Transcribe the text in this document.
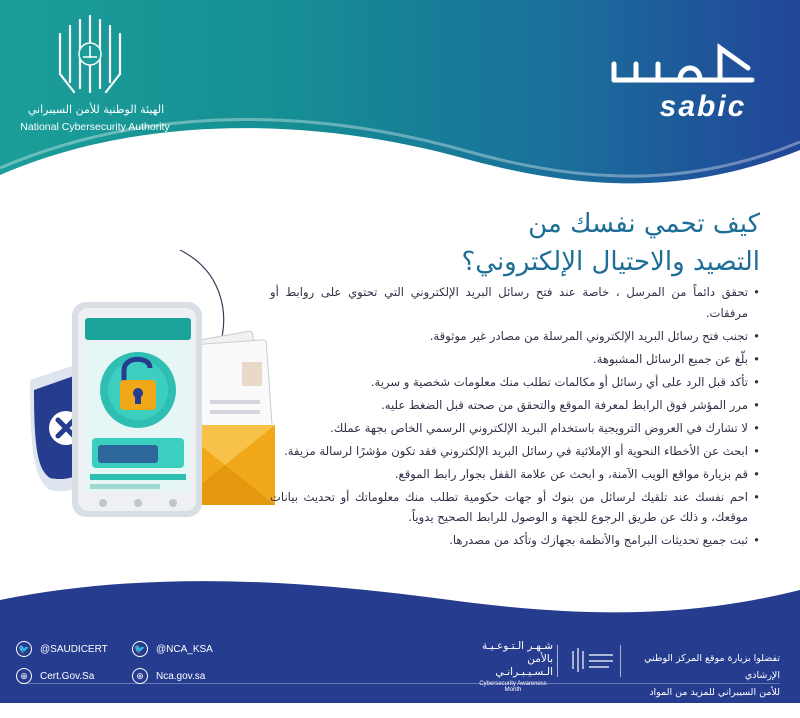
الهيئة الوطنية للأمن السيبراني
National Cybersecurity Authority
sabic
كيف تحمي نفسك من
التصيد والاحتيال الإلكتروني؟
• تحقق دائماً من المرسل ، خاصة عند فتح رسائل البريد الإلكتروني التي تحتوي على روابط أو مرفقات.
• تجنب فتح رسائل البريد الإلكتروني المرسلة من مصادر غير موثوقة.
• بلّغ عن جميع الرسائل المشبوهة.
• تأكد قبل الرد على أي رسائل أو مكالمات تطلب منك معلومات شخصية و سرية.
• مرر المؤشر فوق الرابط لمعرفة الموقع والتحقق من صحته قبل الضغط عليه.
• لا تشارك في العروض الترويجية باستخدام البريد الإلكتروني الرسمي الخاص بجهة عملك.
• ابحث عن الأخطاء النحوية أو الإملائية في رسائل البريد الإلكتروني فقد تكون مؤشرًا لرسالة مزيفة.
• قم بزيارة مواقع الويب الآمنة، و ابحث عن علامة القفل بجوار رابط الموقع.
• احم نفسك عند تلقيك لرسائل من بنوك أو جهات حكومية تطلب منك معلوماتك أو تحديث بيانات موقعك، و ذلك عن طريق الرجوع للجهة و الوصول للرابط الصحيح يدوياً.
• ثبت جميع تحديثات البرامج والأنظمة بجهازك وتأكد من مصدرها.
🐦 @SAUDICERT	🐦 @NCA_KSA
⊕	Cert.Gov.Sa	⊕	Nca.gov.sa
شـهـر الـتـوعـيـة
بالأمن الـسـيـبـرانـي
Cybersecurity Awareness Month
تفضلوا بزيارة موقع المركز الوطني الإرشادي
للأمن السيبراني للمزيد من المواد التوعوية
